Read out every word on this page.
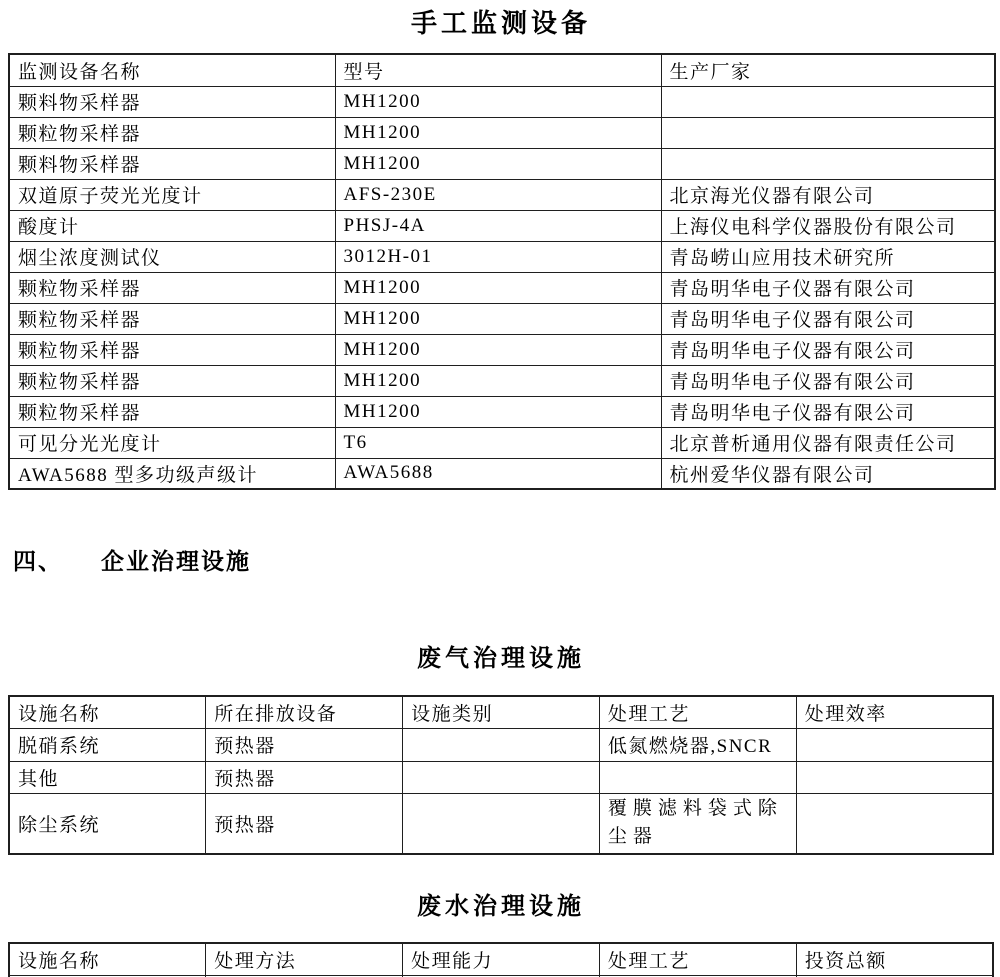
手工监测设备
监测设备名称	型号	生产厂家
颗料物采样器	MH1200	
颗粒物采样器	MH1200	
颗料物采样器	MH1200	
双道原子荧光光度计	AFS-230E	北京海光仪器有限公司
酸度计	PHSJ-4A	上海仪电科学仪器股份有限公司
烟尘浓度测试仪	3012H-01	青岛崂山应用技术研究所
颗粒物采样器	MH1200	青岛明华电子仪器有限公司
颗粒物采样器	MH1200	青岛明华电子仪器有限公司
颗粒物采样器	MH1200	青岛明华电子仪器有限公司
颗粒物采样器	MH1200	青岛明华电子仪器有限公司
颗粒物采样器	MH1200	青岛明华电子仪器有限公司
可见分光光度计	T6	北京普析通用仪器有限责任公司
AWA5688 型多功级声级计	AWA5688	杭州爱华仪器有限公司
四、 企业治理设施
废气治理设施
设施名称	所在排放设备	设施类别	处理工艺	处理效率
脱硝系统	预热器		低氮燃烧器,SNCR	
其他	预热器			
除尘系统	预热器		覆膜滤料袋式除尘器	
废水治理设施
设施名称	处理方法	处理能力	处理工艺	投资总额
